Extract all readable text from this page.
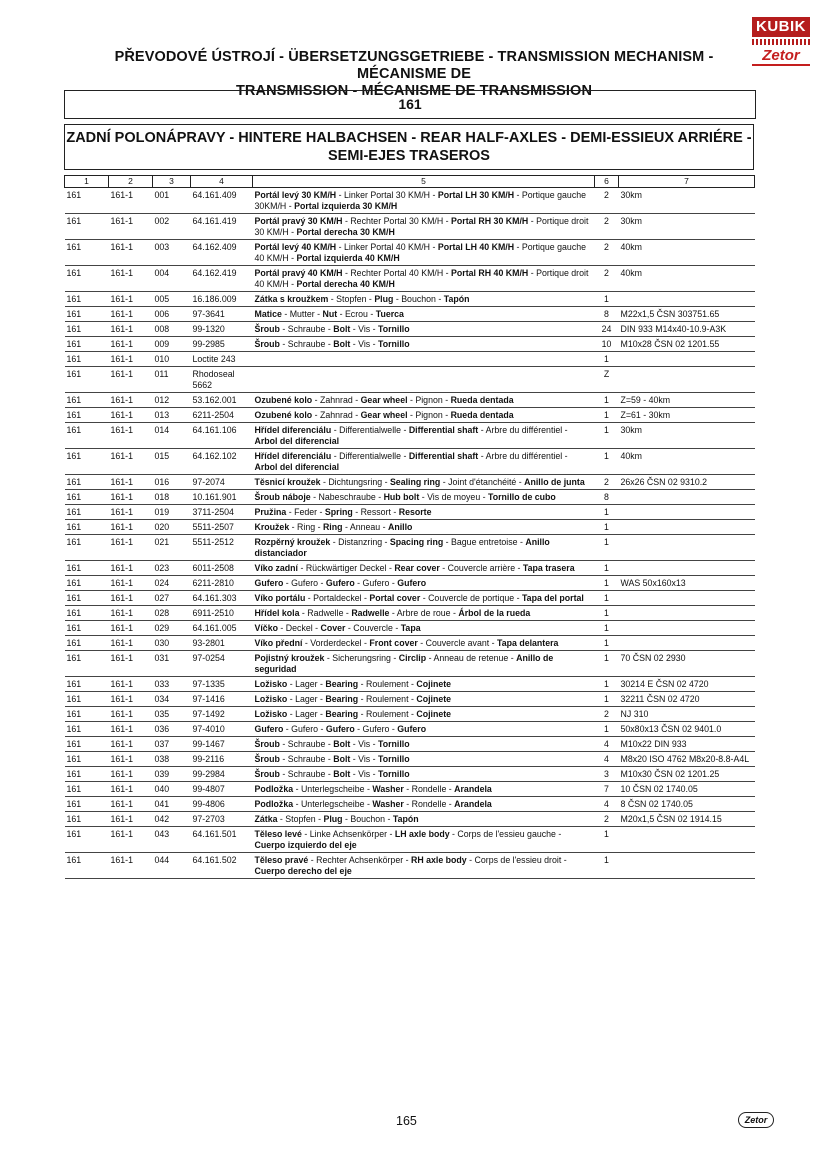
PŘEVODOVÉ ÚSTROJÍ - ÜBERSETZUNGSGETRIEBE - TRANSMISSION MECHANISM - MÉCANISME DE
TRANSMISSION - MÉCANISME DE TRANSMISSION
KUBIK
Zetor
161
ZADNÍ POLONÁPRAVY - HINTERE HALBACHSEN - REAR HALF-AXLES - DEMI-ESSIEUX ARRIÉRE -
SEMI-EJES TRASEROS
1	2	3	4	5	6	7
161	161-1	001	64.161.409	Portál levý 30 KM/H - Linker Portal 30 KM/H - Portal LH 30 KM/H - Portique gauche 30KM/H - Portal izquierda 30 KM/H	2	30km
161	161-1	002	64.161.419	Portál pravý 30 KM/H - Rechter Portal 30 KM/H - Portal RH 30 KM/H - Portique droit 30 KM/H - Portal derecha 30 KM/H	2	30km
161	161-1	003	64.162.409	Portál levý 40 KM/H - Linker Portal 40 KM/H - Portal LH 40 KM/H - Portique gauche 40 KM/H - Portal izquierda 40 KM/H	2	40km
161	161-1	004	64.162.419	Portál pravý 40 KM/H - Rechter Portal 40 KM/H - Portal RH 40 KM/H - Portique droit 40 KM/H - Portal derecha 40 KM/H	2	40km
161	161-1	005	16.186.009	Zátka s kroužkem - Stopfen - Plug - Bouchon - Tapón	1	
161	161-1	006	97-3641	Matice - Mutter - Nut - Ecrou - Tuerca	8	M22x1,5 ČSN 303751.65
161	161-1	008	99-1320	Šroub - Schraube - Bolt - Vis - Tornillo	24	DIN 933 M14x40-10.9-A3K
161	161-1	009	99-2985	Šroub - Schraube - Bolt - Vis - Tornillo	10	M10x28 ČSN 02 1201.55
161	161-1	010	Loctite 243		1	
161	161-1	011	Rhodoseal 5662		Z	
161	161-1	012	53.162.001	Ozubené kolo - Zahnrad - Gear wheel - Pignon - Rueda dentada	1	Z=59 - 40km
161	161-1	013	6211-2504	Ozubené kolo - Zahnrad - Gear wheel - Pignon - Rueda dentada	1	Z=61 - 30km
161	161-1	014	64.161.106	Hřídel diferenciálu - Differentialwelle - Differential shaft - Arbre du différentiel - Arbol del diferencial	1	30km
161	161-1	015	64.162.102	Hřídel diferenciálu - Differentialwelle - Differential shaft - Arbre du différentiel - Arbol del diferencial	1	40km
161	161-1	016	97-2074	Těsnicí kroužek - Dichtungsring - Sealing ring - Joint d'étanchéité - Anillo de junta	2	26x26 ČSN 02 9310.2
161	161-1	018	10.161.901	Šroub náboje - Nabeschraube - Hub bolt - Vis de moyeu - Tornillo de cubo	8	
161	161-1	019	3711-2504	Pružina - Feder - Spring - Ressort - Resorte	1	
161	161-1	020	5511-2507	Kroužek - Ring - Ring - Anneau - Anillo	1	
161	161-1	021	5511-2512	Rozpěrný kroužek - Distanzring - Spacing ring - Bague entretoise - Anillo distanciador	1	
161	161-1	023	6011-2508	Víko zadní - Rückwärtiger Deckel - Rear cover - Couvercle arrière - Tapa trasera	1	
161	161-1	024	6211-2810	Gufero - Gufero - Gufero - Gufero - Gufero	1	WAS 50x160x13
161	161-1	027	64.161.303	Víko portálu - Portaldeckel - Portal cover - Couvercle de portique - Tapa del portal	1	
161	161-1	028	6911-2510	Hřídel kola - Radwelle - Radwelle - Arbre de roue - Árbol de la rueda	1	
161	161-1	029	64.161.005	Víčko - Deckel - Cover - Couvercle - Tapa	1	
161	161-1	030	93-2801	Víko přední - Vorderdeckel - Front cover - Couvercle avant - Tapa delantera	1	
161	161-1	031	97-0254	Pojistný kroužek - Sicherungsring - Circlip - Anneau de retenue - Anillo de seguridad	1	70 ČSN 02 2930
161	161-1	033	97-1335	Ložisko - Lager - Bearing - Roulement - Cojinete	1	30214 E ČSN 02 4720
161	161-1	034	97-1416	Ložisko - Lager - Bearing - Roulement - Cojinete	1	32211 ČSN 02 4720
161	161-1	035	97-1492	Ložisko - Lager - Bearing - Roulement - Cojinete	2	NJ 310
161	161-1	036	97-4010	Gufero - Gufero - Gufero - Gufero - Gufero	1	50x80x13 ČSN 02 9401.0
161	161-1	037	99-1467	Šroub - Schraube - Bolt - Vis - Tornillo	4	M10x22 DIN 933
161	161-1	038	99-2116	Šroub - Schraube - Bolt - Vis - Tornillo	4	M8x20 ISO 4762 M8x20-8.8-A4L
161	161-1	039	99-2984	Šroub - Schraube - Bolt - Vis - Tornillo	3	M10x30 ČSN 02 1201.25
161	161-1	040	99-4807	Podložka - Unterlegscheibe - Washer - Rondelle - Arandela	7	10 ČSN 02 1740.05
161	161-1	041	99-4806	Podložka - Unterlegscheibe - Washer - Rondelle - Arandela	4	8 ČSN 02 1740.05
161	161-1	042	97-2703	Zátka - Stopfen - Plug - Bouchon - Tapón	2	M20x1,5 ČSN 02 1914.15
161	161-1	043	64.161.501	Těleso levé - Linke Achsenkörper - LH axle body - Corps de l'essieu gauche - Cuerpo izquierdo del eje	1	
161	161-1	044	64.161.502	Těleso pravé - Rechter Achsenkörper - RH axle body - Corps de l'essieu droit - Cuerpo derecho del eje	1	
165	Zetor
